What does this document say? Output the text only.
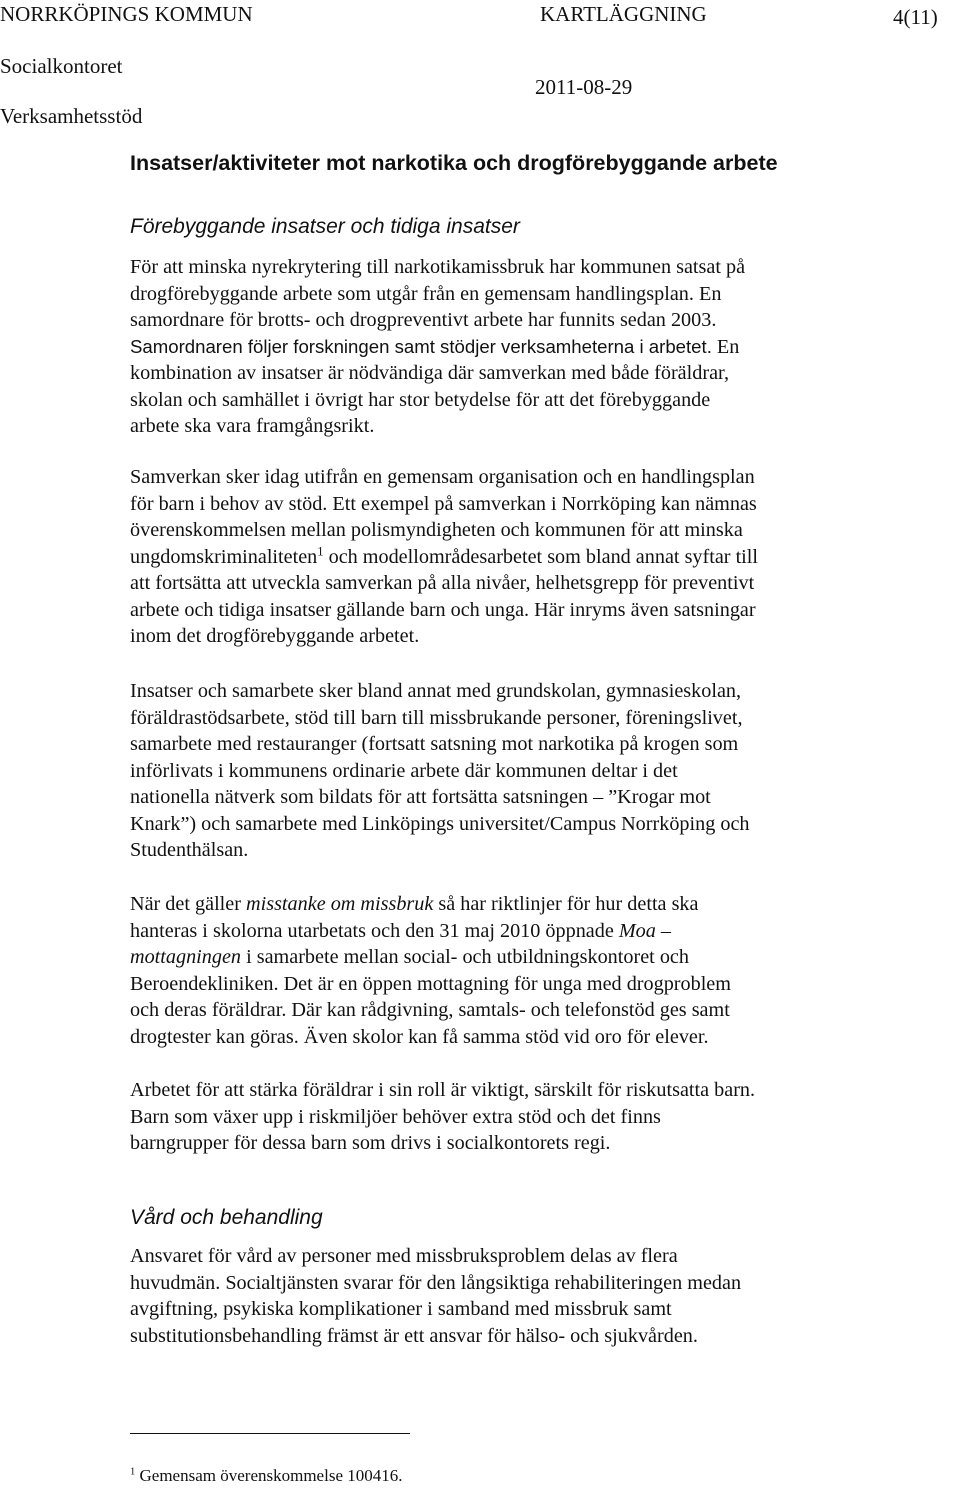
NORRKÖPINGS KOMMUN	KARTLÄGGNING	4(11)
Socialkontoret
2011-08-29
Verksamhetsstöd
Insatser/aktiviteter mot narkotika och drogförebyggande arbete
Förebyggande insatser och tidiga insatser
För att minska nyrekrytering till narkotikamissbruk har kommunen satsat på
drogförebyggande arbete som utgår från en gemensam handlingsplan. En
samordnare för brotts- och drogpreventivt arbete har funnits sedan 2003.
Samordnaren följer forskningen samt stödjer verksamheterna i arbetet. En
kombination av insatser är nödvändiga där samverkan med både föräldrar,
skolan och samhället i övrigt har stor betydelse för att det förebyggande
arbete ska vara framgångsrikt.
Samverkan sker idag utifrån en gemensam organisation och en handlingsplan
för barn i behov av stöd. Ett exempel på samverkan i Norrköping kan nämnas
överenskommelsen mellan polismyndigheten och kommunen för att minska
ungdomskriminaliteten$^1$ och modellområdesarbetet som bland annat syftar till
att fortsätta att utveckla samverkan på alla nivåer, helhetsgrepp för preventivt
arbete och tidiga insatser gällande barn och unga. Här inryms även satsningar
inom det drogförebyggande arbetet.
Insatser och samarbete sker bland annat med grundskolan, gymnasieskolan,
föräldrastödsarbete, stöd till barn till missbrukande personer, föreningslivet,
samarbete med restauranger (fortsatt satsning mot narkotika på krogen som
införlivats i kommunens ordinarie arbete där kommunen deltar i det
nationella nätverk som bildats för att fortsätta satsningen – ”Krogar mot
Knark”) och samarbete med Linköpings universitet/Campus Norrköping och
Studenthälsan.
När det gäller misstanke om missbruk så har riktlinjer för hur detta ska
hanteras i skolorna utarbetats och den 31 maj 2010 öppnade Moa –
mottagningen i samarbete mellan social- och utbildningskontoret och
Beroendekliniken. Det är en öppen mottagning för unga med drogproblem
och deras föräldrar. Där kan rådgivning, samtals- och telefonstöd ges samt
drogtester kan göras. Även skolor kan få samma stöd vid oro för elever.
Arbetet för att stärka föräldrar i sin roll är viktigt, särskilt för riskutsatta barn.
Barn som växer upp i riskmiljöer behöver extra stöd och det finns
barngrupper för dessa barn som drivs i socialkontorets regi.
Vård och behandling
Ansvaret för vård av personer med missbruksproblem delas av flera
huvudmän. Socialtjänsten svarar för den långsiktiga rehabiliteringen medan
avgiftning, psykiska komplikationer i samband med missbruk samt
substitutionsbehandling främst är ett ansvar för hälso- och sjukvården.
$^1$ Gemensam överenskommelse 100416.
